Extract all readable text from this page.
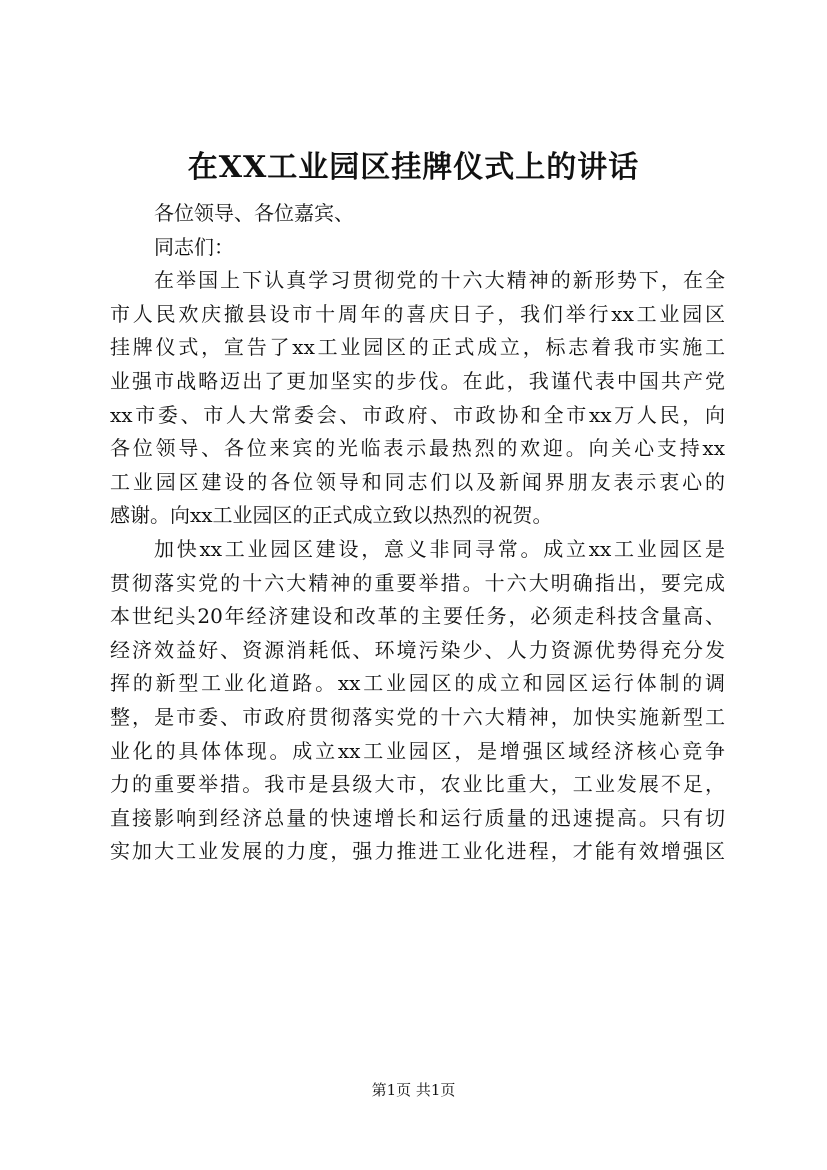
在XX工业园区挂牌仪式上的讲话
各位领导、各位嘉宾、
同志们：
在举国上下认真学习贯彻党的十六大精神的新形势下，在全
市人民欢庆撤县设市十周年的喜庆日子，我们举行xx工业园区
挂牌仪式，宣告了xx工业园区的正式成立，标志着我市实施工
业强市战略迈出了更加坚实的步伐。在此，我谨代表中国共产党
xx市委、市人大常委会、市政府、市政协和全市xx万人民，向
各位领导、各位来宾的光临表示最热烈的欢迎。向关心支持xx
工业园区建设的各位领导和同志们以及新闻界朋友表示衷心的
感谢。向xx工业园区的正式成立致以热烈的祝贺。
加快xx工业园区建设，意义非同寻常。成立xx工业园区是
贯彻落实党的十六大精神的重要举措。十六大明确指出，要完成
本世纪头20年经济建设和改革的主要任务，必须走科技含量高、
经济效益好、资源消耗低、环境污染少、人力资源优势得充分发
挥的新型工业化道路。xx工业园区的成立和园区运行体制的调
整，是市委、市政府贯彻落实党的十六大精神，加快实施新型工
业化的具体体现。成立xx工业园区，是增强区域经济核心竞争
力的重要举措。我市是县级大市，农业比重大，工业发展不足，
直接影响到经济总量的快速增长和运行质量的迅速提高。只有切
实加大工业发展的力度，强力推进工业化进程，才能有效增强区
第1页 共1页
